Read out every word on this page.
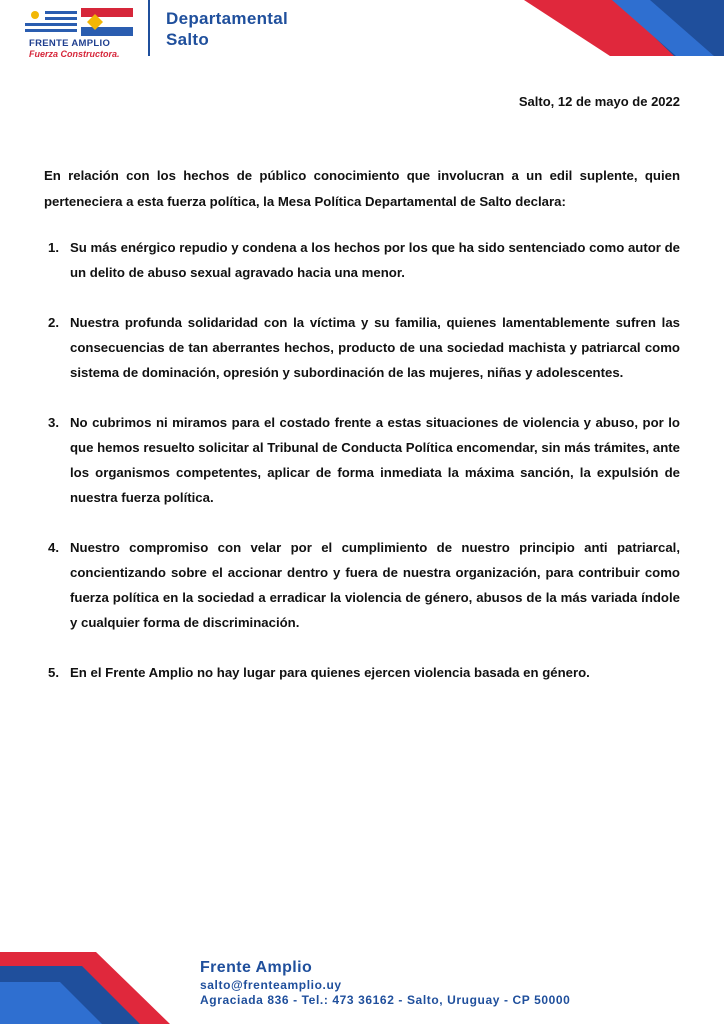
FRENTE AMPLIO
Fuerza Constructora.
Departamental
Salto
Salto, 12 de mayo de 2022

En relación con los hechos de público conocimiento que involucran a un edil suplente, quien perteneciera a esta fuerza política, la Mesa Política Departamental de Salto declara:

1. Su más enérgico repudio y condena a los hechos por los que ha sido sentenciado como autor de un delito de abuso sexual agravado hacia una menor.
2. Nuestra profunda solidaridad con la víctima y su familia, quienes lamentablemente sufren las consecuencias de tan aberrantes hechos, producto de una sociedad machista y patriarcal como sistema de dominación, opresión y subordinación de las mujeres, niñas y adolescentes.
3. No cubrimos ni miramos para el costado frente a estas situaciones de violencia y abuso, por lo que hemos resuelto solicitar al Tribunal de Conducta Política encomendar, sin más trámites, ante los organismos competentes, aplicar de forma inmediata la máxima sanción, la expulsión de nuestra fuerza política.
4. Nuestro compromiso con velar por el cumplimiento de nuestro principio anti patriarcal, concientizando sobre el accionar dentro y fuera de nuestra organización, para contribuir como fuerza política en la sociedad a erradicar la violencia de género, abusos de la más variada índole y cualquier forma de discriminación.
5. En el Frente Amplio no hay lugar para quienes ejercen violencia basada en género.
Frente Amplio
salto@frenteamplio.uy
Agraciada 836 - Tel.: 473 36162 - Salto, Uruguay - CP 50000
